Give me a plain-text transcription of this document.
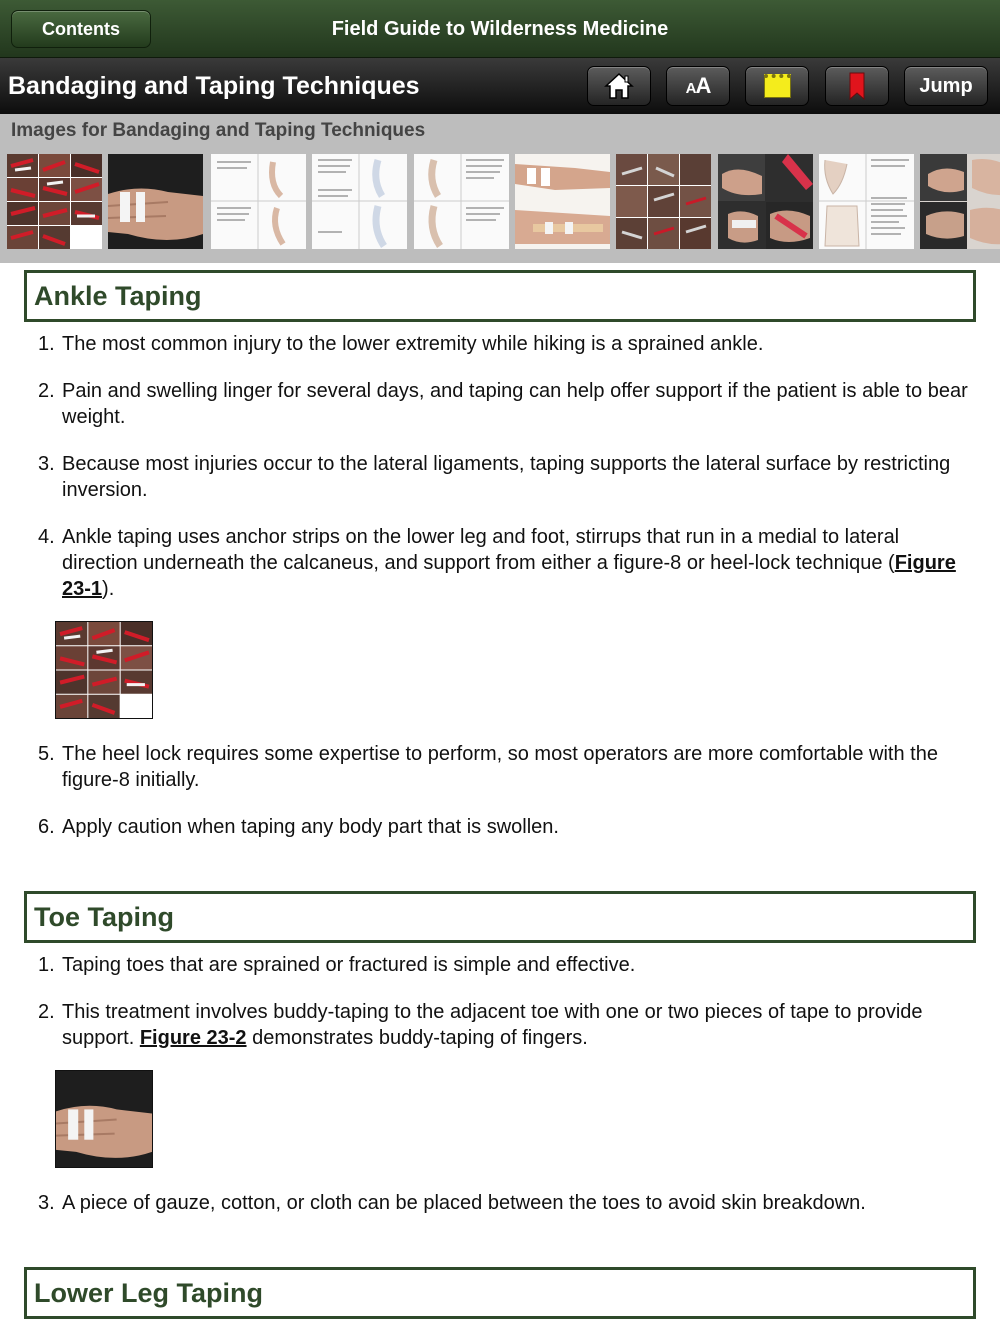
Contents	Field Guide to Wilderness Medicine
Bandaging and Taping Techniques	AA	Jump
Images for Bandaging and Taping Techniques
Ankle Taping
1. The most common injury to the lower extremity while hiking is a sprained ankle.
2. Pain and swelling linger for several days, and taping can help offer support if the patient is able to bear weight.
3. Because most injuries occur to the lateral ligaments, taping supports the lateral surface by restricting inversion.
4. Ankle taping uses anchor strips on the lower leg and foot, stirrups that run in a medial to lateral direction underneath the calcaneus, and support from either a figure-8 or heel-lock technique (Figure 23-1).
5. The heel lock requires some expertise to perform, so most operators are more comfortable with the figure-8 initially.
6. Apply caution when taping any body part that is swollen.
Toe Taping
1. Taping toes that are sprained or fractured is simple and effective.
2. This treatment involves buddy-taping to the adjacent toe with one or two pieces of tape to provide support. Figure 23-2 demonstrates buddy-taping of fingers.
3. A piece of gauze, cotton, or cloth can be placed between the toes to avoid skin breakdown.
Lower Leg Taping
